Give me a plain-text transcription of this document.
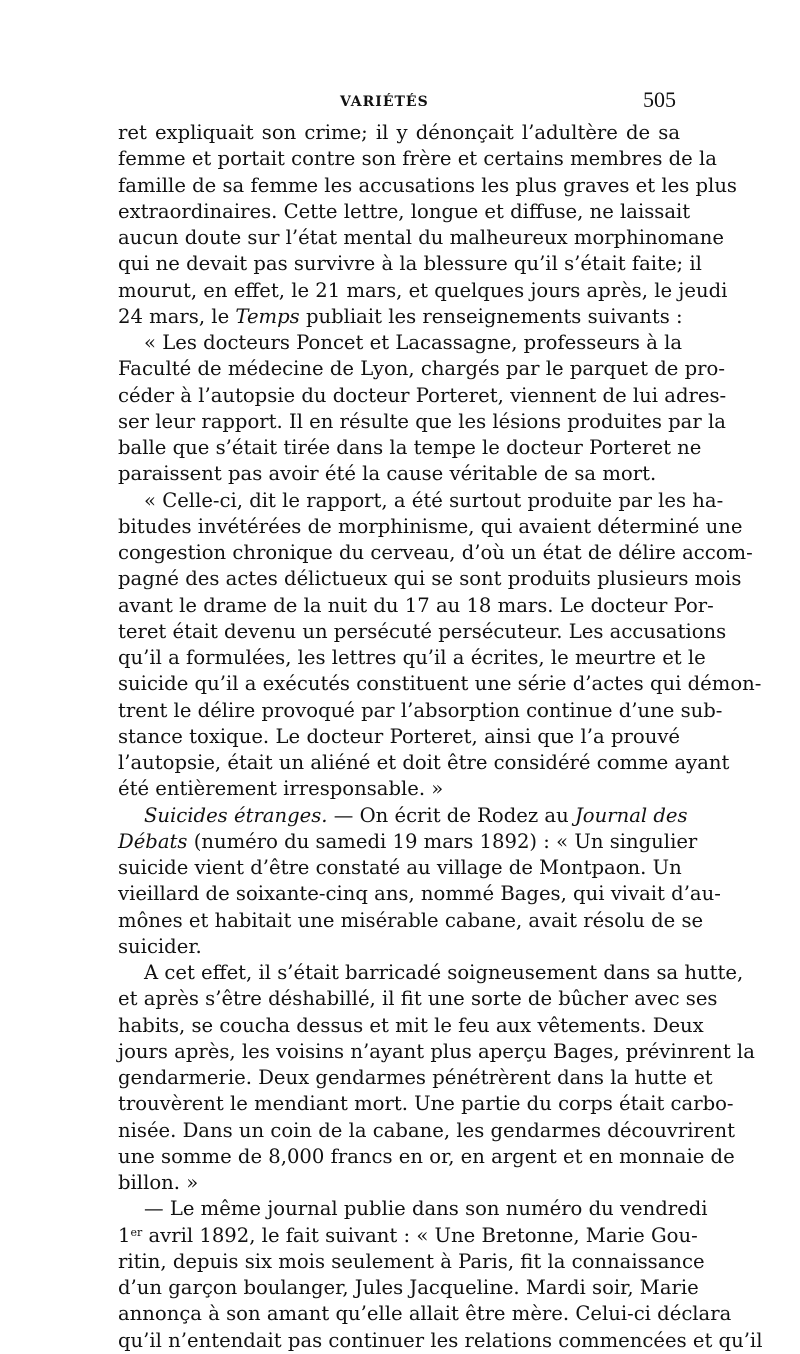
VARIÉTÉS	505
ret expliquait son crime; il y dénonçait l’adultère de sa
femme et portait contre son frère et certains membres de la
famille de sa femme les accusations les plus graves et les plus
extraordinaires. Cette lettre, longue et diffuse, ne laissait
aucun doute sur l’état mental du malheureux morphinomane
qui ne devait pas survivre à la blessure qu’il s’était faite; il
mourut, en effet, le 21 mars, et quelques jours après, le jeudi
24 mars, le Temps publiait les renseignements suivants :
« Les docteurs Poncet et Lacassagne, professeurs à la
Faculté de médecine de Lyon, chargés par le parquet de pro-
céder à l’autopsie du docteur Porteret, viennent de lui adres-
ser leur rapport. Il en résulte que les lésions produites par la
balle que s’était tirée dans la tempe le docteur Porteret ne
paraissent pas avoir été la cause véritable de sa mort.
« Celle-ci, dit le rapport, a été surtout produite par les ha-
bitudes invétérées de morphinisme, qui avaient déterminé une
congestion chronique du cerveau, d’où un état de délire accom-
pagné des actes délictueux qui se sont produits plusieurs mois
avant le drame de la nuit du 17 au 18 mars. Le docteur Por-
teret était devenu un persécuté persécuteur. Les accusations
qu’il a formulées, les lettres qu’il a écrites, le meurtre et le
suicide qu’il a exécutés constituent une série d’actes qui démon-
trent le délire provoqué par l’absorption continue d’une sub-
stance toxique. Le docteur Porteret, ainsi que l’a prouvé
l’autopsie, était un aliéné et doit être considéré comme ayant
été entièrement irresponsable. »
Suicides étranges. — On écrit de Rodez au Journal des
Débats (numéro du samedi 19 mars 1892) : « Un singulier
suicide vient d’être constaté au village de Montpaon. Un
vieillard de soixante-cinq ans, nommé Bages, qui vivait d’au-
mônes et habitait une misérable cabane, avait résolu de se
suicider.
A cet effet, il s’était barricadé soigneusement dans sa hutte,
et après s’être déshabillé, il fit une sorte de bûcher avec ses
habits, se coucha dessus et mit le feu aux vêtements. Deux
jours après, les voisins n’ayant plus aperçu Bages, prévinrent la
gendarmerie. Deux gendarmes pénétrèrent dans la hutte et
trouvèrent le mendiant mort. Une partie du corps était carbo-
nisée. Dans un coin de la cabane, les gendarmes découvrirent
une somme de 8,000 francs en or, en argent et en monnaie de
billon. »
— Le même journal publie dans son numéro du vendredi
1er avril 1892, le fait suivant : « Une Bretonne, Marie Gou-
ritin, depuis six mois seulement à Paris, fit la connaissance
d’un garçon boulanger, Jules Jacqueline. Mardi soir, Marie
annonça à son amant qu’elle allait être mère. Celui-ci déclara
qu’il n’entendait pas continuer les relations commencées et qu’il
